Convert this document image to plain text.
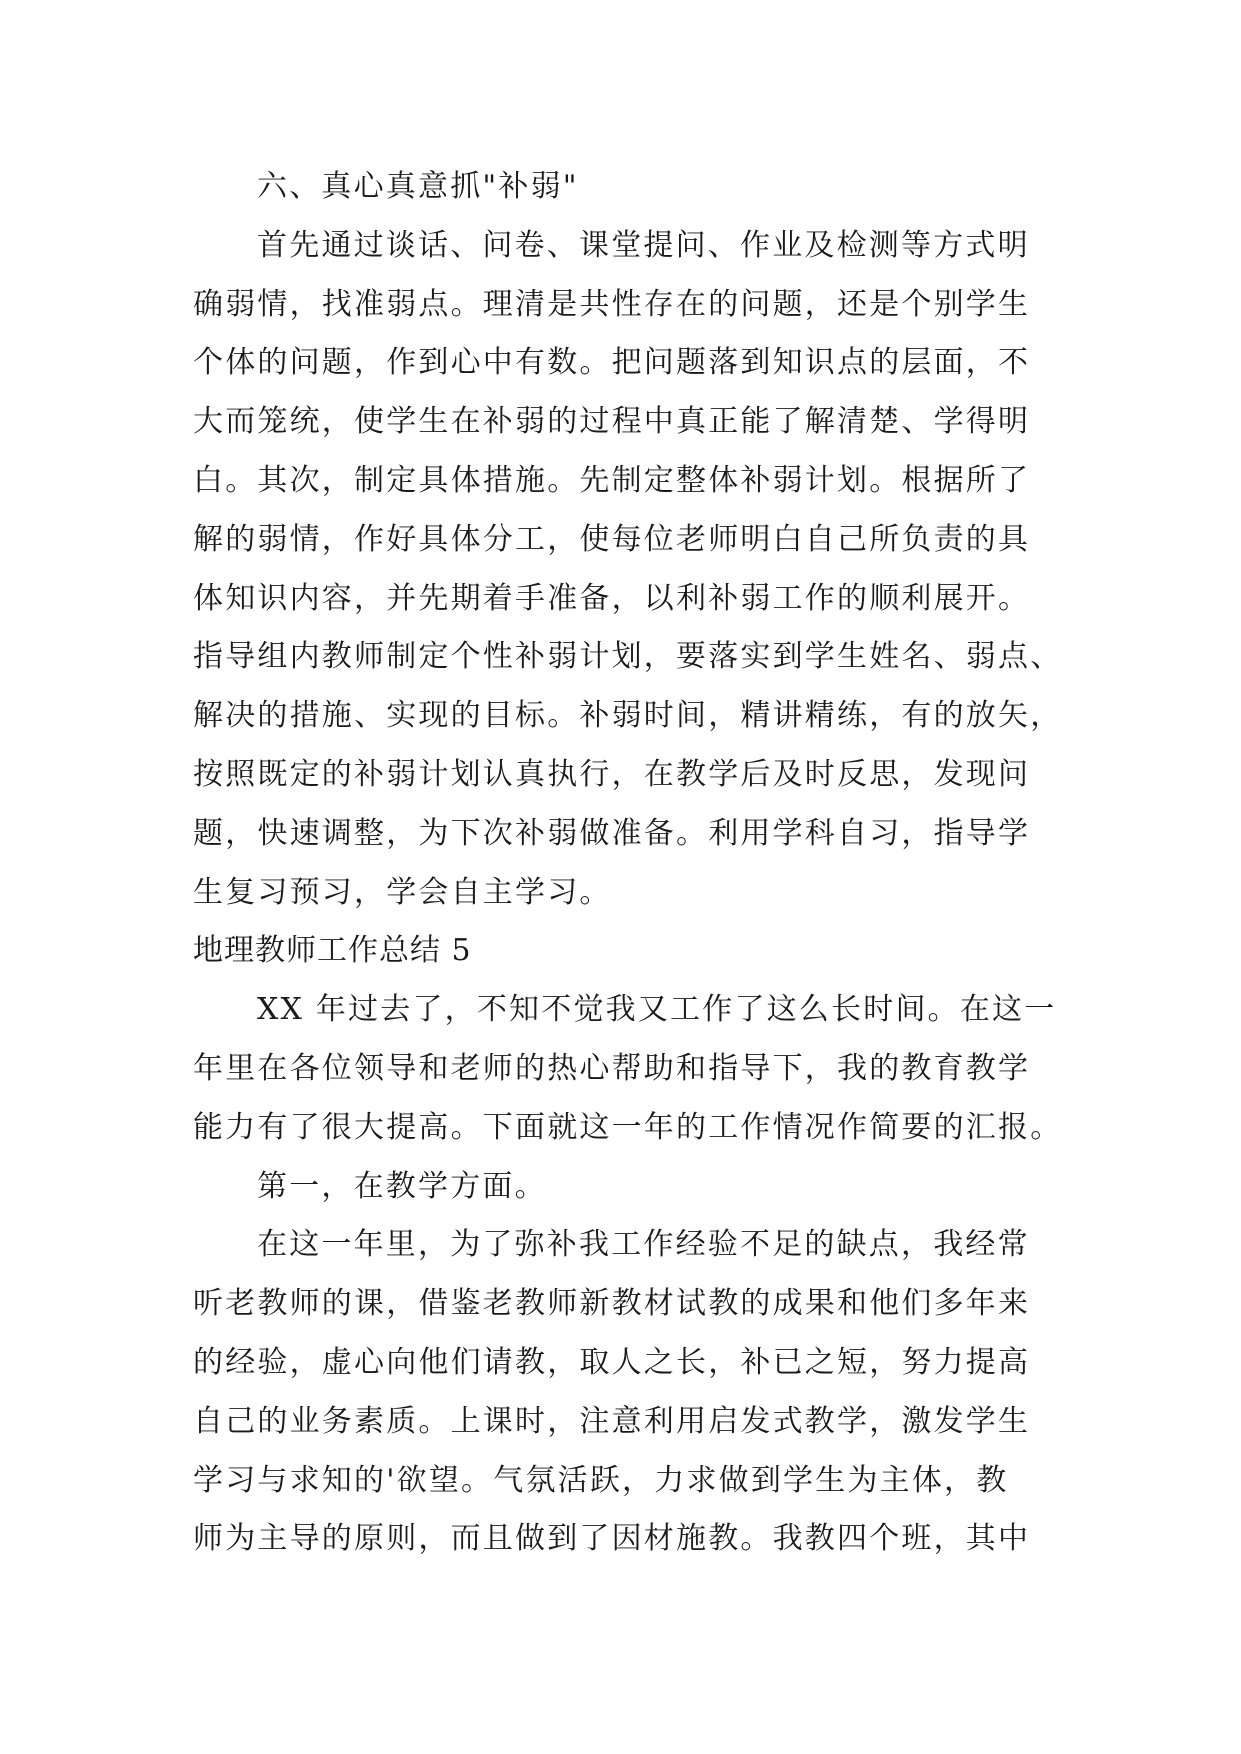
六、真心真意抓"补弱"
首先通过谈话、问卷、课堂提问、作业及检测等方式明
确弱情，找准弱点。理清是共性存在的问题，还是个别学生
个体的问题，作到心中有数。把问题落到知识点的层面，不
大而笼统，使学生在补弱的过程中真正能了解清楚、学得明
白。其次，制定具体措施。先制定整体补弱计划。根据所了
解的弱情，作好具体分工，使每位老师明白自己所负责的具
体知识内容，并先期着手准备，以利补弱工作的顺利展开。
指导组内教师制定个性补弱计划，要落实到学生姓名、弱点、
解决的措施、实现的目标。补弱时间，精讲精练，有的放矢，
按照既定的补弱计划认真执行，在教学后及时反思，发现问
题，快速调整，为下次补弱做准备。利用学科自习，指导学
生复习预习，学会自主学习。
地理教师工作总结 5
XX 年过去了，不知不觉我又工作了这么长时间。在这一
年里在各位领导和老师的热心帮助和指导下，我的教育教学
能力有了很大提高。下面就这一年的工作情况作简要的汇报。
第一，在教学方面。
在这一年里，为了弥补我工作经验不足的缺点，我经常
听老教师的课，借鉴老教师新教材试教的成果和他们多年来
的经验，虚心向他们请教，取人之长，补已之短，努力提高
自己的业务素质。上课时，注意利用启发式教学，激发学生
学习与求知的'欲望。气氛活跃，力求做到学生为主体，教
师为主导的原则，而且做到了因材施教。我教四个班，其中
